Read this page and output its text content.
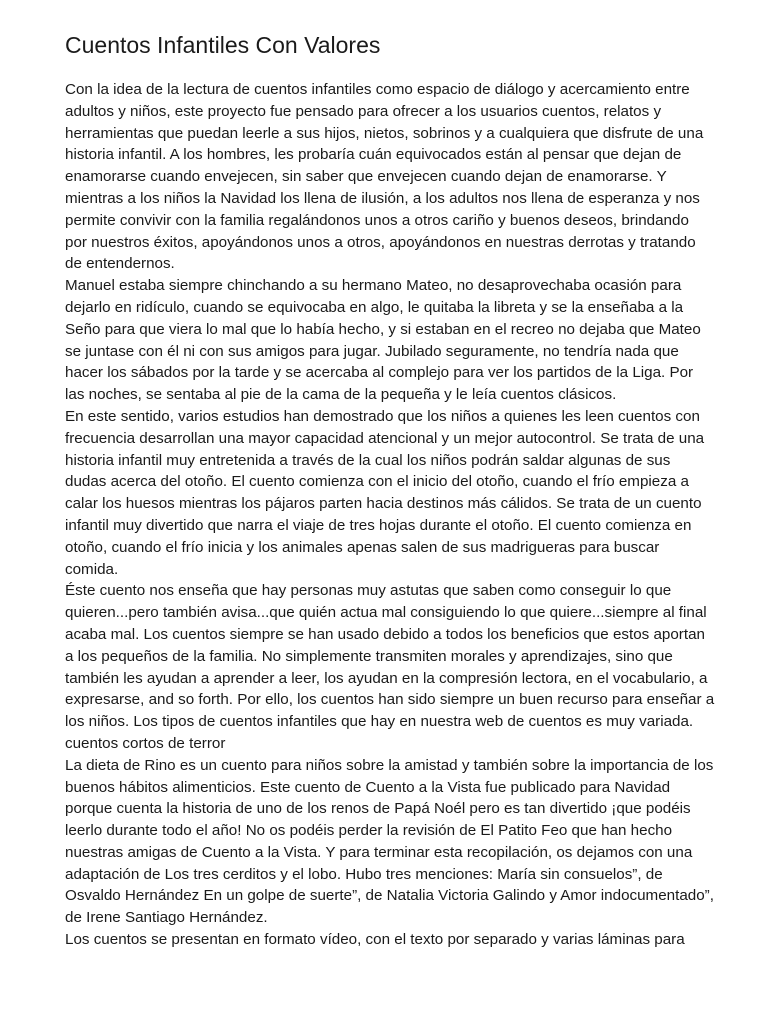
Cuentos Infantiles Con Valores

Con la idea de la lectura de cuentos infantiles como espacio de diálogo y acercamiento entre adultos y niños, este proyecto fue pensado para ofrecer a los usuarios cuentos, relatos y herramientas que puedan leerle a sus hijos, nietos, sobrinos y a cualquiera que disfrute de una historia infantil. A los hombres, les probaría cuán equivocados están al pensar que dejan de enamorarse cuando envejecen, sin saber que envejecen cuando dejan de enamorarse. Y mientras a los niños la Navidad los llena de ilusión, a los adultos nos llena de esperanza y nos permite convivir con la familia regalándonos unos a otros cariño y buenos deseos, brindando por nuestros éxitos, apoyándonos unos a otros, apoyándonos en nuestras derrotas y tratando de entendernos.

Manuel estaba siempre chinchando a su hermano Mateo, no desaprovechaba ocasión para dejarlo en ridículo, cuando se equivocaba en algo, le quitaba la libreta y se la enseñaba a la Seño para que viera lo mal que lo había hecho, y si estaban en el recreo no dejaba que Mateo se juntase con él ni con sus amigos para jugar. Jubilado seguramente, no tendría nada que hacer los sábados por la tarde y se acercaba al complejo para ver los partidos de la Liga. Por las noches, se sentaba al pie de la cama de la pequeña y le leía cuentos clásicos.

En este sentido, varios estudios han demostrado que los niños a quienes les leen cuentos con frecuencia desarrollan una mayor capacidad atencional y un mejor autocontrol. Se trata de una historia infantil muy entretenida a través de la cual los niños podrán saldar algunas de sus dudas acerca del otoño. El cuento comienza con el inicio del otoño, cuando el frío empieza a calar los huesos mientras los pájaros parten hacia destinos más cálidos. Se trata de un cuento infantil muy divertido que narra el viaje de tres hojas durante el otoño. El cuento comienza en otoño, cuando el frío inicia y los animales apenas salen de sus madrigueras para buscar comida.

Éste cuento nos enseña que hay personas muy astutas que saben como conseguir lo que quieren...pero también avisa...que quién actua mal consiguiendo lo que quiere...siempre al final acaba mal. Los cuentos siempre se han usado debido a todos los beneficios que estos aportan a los pequeños de la familia. No simplemente transmiten morales y aprendizajes, sino que también les ayudan a aprender a leer, los ayudan en la compresión lectora, en el vocabulario, a expresarse, and so forth. Por ello, los cuentos han sido siempre un buen recurso para enseñar a los niños. Los tipos de cuentos infantiles que hay en nuestra web de cuentos es muy variada.

cuentos cortos de terror

La dieta de Rino es un cuento para niños sobre la amistad y también sobre la importancia de los buenos hábitos alimenticios. Este cuento de Cuento a la Vista fue publicado para Navidad porque cuenta la historia de uno de los renos de Papá Noél pero es tan divertido ¡que podéis leerlo durante todo el año! No os podéis perder la revisión de El Patito Feo que han hecho nuestras amigas de Cuento a la Vista. Y para terminar esta recopilación, os dejamos con una adaptación de Los tres cerditos y el lobo. Hubo tres menciones: María sin consuelos”, de Osvaldo Hernández En un golpe de suerte”, de Natalia Victoria Galindo y Amor indocumentado”, de Irene Santiago Hernández.

Los cuentos se presentan en formato vídeo, con el texto por separado y varias láminas para
